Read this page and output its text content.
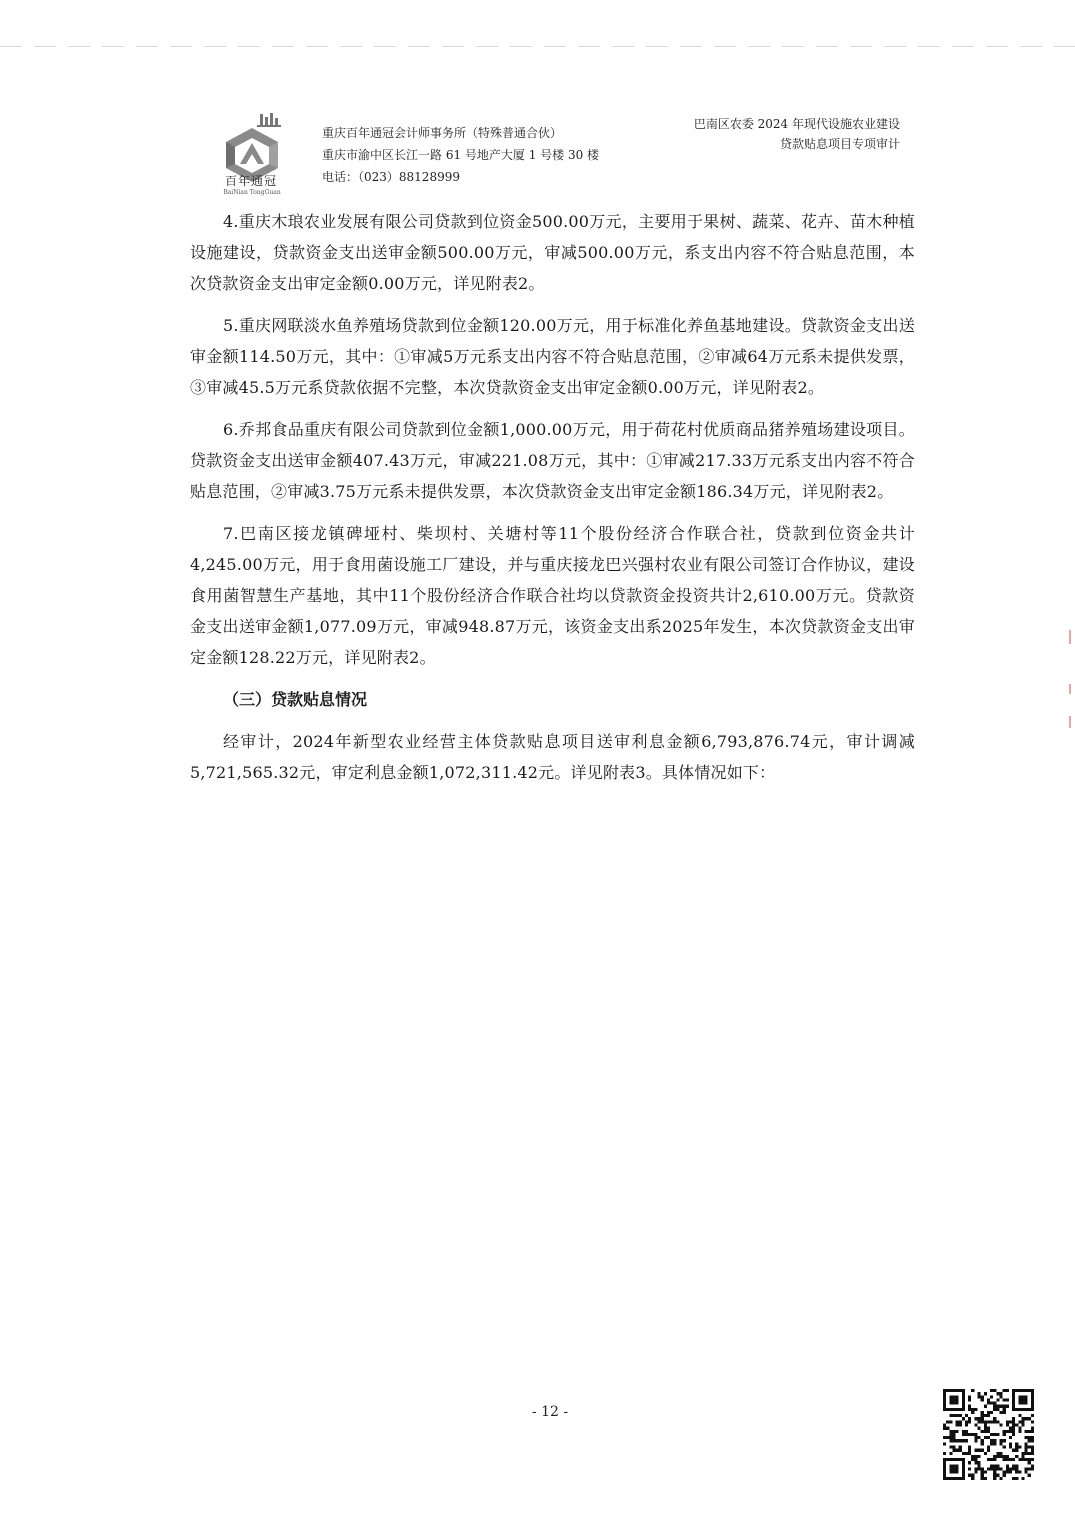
百年通冠
BaiNian TongGuan
重庆百年通冠会计师事务所（特殊普通合伙）
重庆市渝中区长江一路 61 号地产大厦 1 号楼 30 楼
电话：（023）88128999
巴南区农委 2024 年现代设施农业建设
贷款贴息项目专项审计

4.重庆木琅农业发展有限公司贷款到位资金500.00万元，主要用于果树、蔬菜、花卉、苗木种植设施建设，贷款资金支出送审金额500.00万元，审减500.00万元，系支出内容不符合贴息范围，本次贷款资金支出审定金额0.00万元，详见附表2。

5.重庆网联淡水鱼养殖场贷款到位金额120.00万元，用于标准化养鱼基地建设。贷款资金支出送审金额114.50万元，其中：①审减5万元系支出内容不符合贴息范围，②审减64万元系未提供发票，③审减45.5万元系贷款依据不完整，本次贷款资金支出审定金额0.00万元，详见附表2。

6.乔邦食品重庆有限公司贷款到位金额1,000.00万元，用于荷花村优质商品猪养殖场建设项目。贷款资金支出送审金额407.43万元，审减221.08万元，其中：①审减217.33万元系支出内容不符合贴息范围，②审减3.75万元系未提供发票，本次贷款资金支出审定金额186.34万元，详见附表2。

7.巴南区接龙镇碑垭村、柴坝村、关塘村等11个股份经济合作联合社，贷款到位资金共计4,245.00万元，用于食用菌设施工厂建设，并与重庆接龙巴兴强村农业有限公司签订合作协议，建设食用菌智慧生产基地，其中11个股份经济合作联合社均以贷款资金投资共计2,610.00万元。贷款资金支出送审金额1,077.09万元，审减948.87万元，该资金支出系2025年发生，本次贷款资金支出审定金额128.22万元，详见附表2。

（三）贷款贴息情况

经审计，2024年新型农业经营主体贷款贴息项目送审利息金额6,793,876.74元，审计调减5,721,565.32元，审定利息金额1,072,311.42元。详见附表3。具体情况如下：

- 12 -
